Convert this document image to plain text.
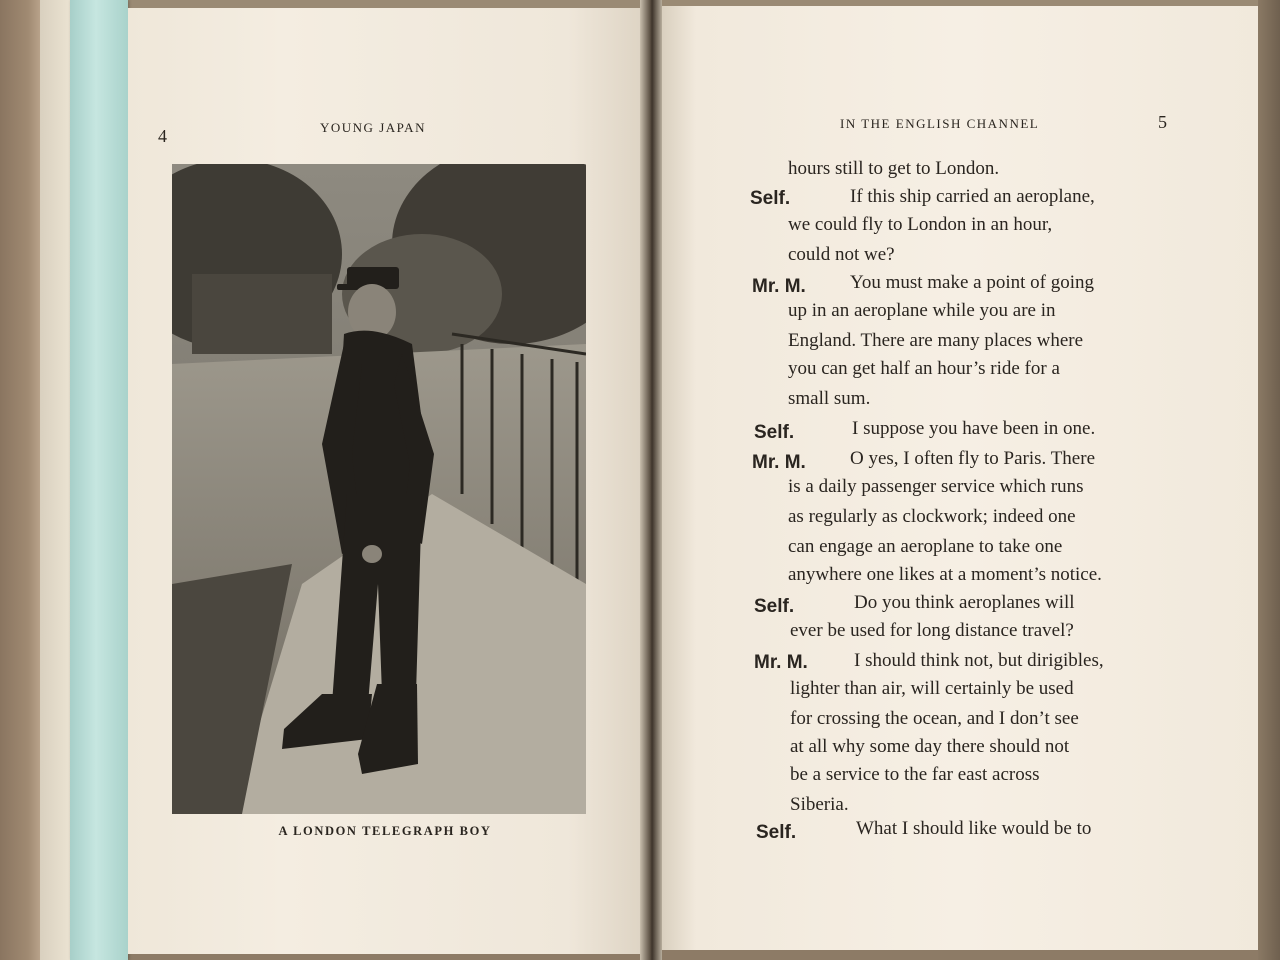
4	YOUNG JAPAN
A LONDON TELEGRAPH BOY
IN THE ENGLISH CHANNEL	5
hours still to get to London.
Self.	If this ship carried an aeroplane,
we could fly to London in an hour,
could not we?
Mr. M. You must make a point of going
up in an aeroplane while you are in
England. There are many places where
you can get half an hour’s ride for a
small sum.
Self.	I suppose you have been in one.
Mr. M. O yes, I often fly to Paris. There
is a daily passenger service which runs
as regularly as clockwork; indeed one
can engage an aeroplane to take one
anywhere one likes at a moment’s notice.
Self.	Do you think aeroplanes will
ever be used for long distance travel?
Mr. M. I should think not, but dirigibles,
lighter than air, will certainly be used
for crossing the ocean, and I don’t see
at all why some day there should not
be a service to the far east across
Siberia.
Self.	What I should like would be to
